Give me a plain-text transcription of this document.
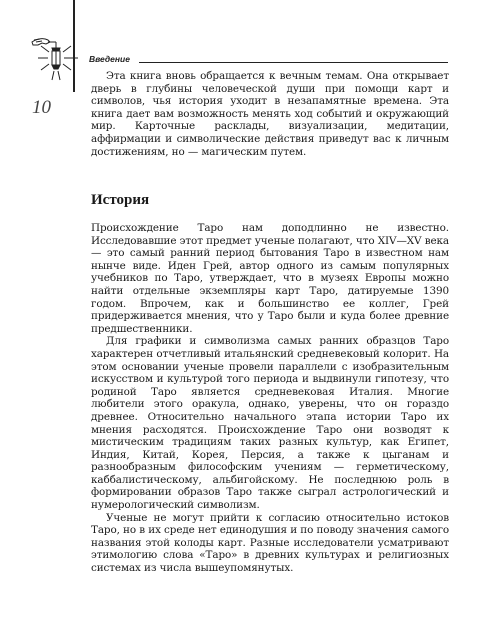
10
Введение

Эта книга вновь обращается к вечным темам. Она открывает дверь в глубины человеческой души при помощи карт и символов, чья история уходит в незапамятные времена. Эта книга дает вам возможность менять ход событий и окружающий мир. Карточные расклады, визуализации, медитации, аффирмации и символические действия приведут вас к личным достижениям, но — магическим путем.

История

Происхождение Таро нам доподлинно не известно. Исследовавшие этот предмет ученые полагают, что XIV—XV века — это самый ранний период бытования Таро в известном нам нынче виде. Иден Грей, автор одного из самым популярных учебников по Таро, утверждает, что в музеях Европы можно найти отдельные экземпляры карт Таро, датируемые 1390 годом. Впрочем, как и большинство ее коллег, Грей придерживается мнения, что у Таро были и куда более древние предшественники.

Для графики и символизма самых ранних образцов Таро характерен отчетливый итальянский средневековый колорит. На этом основании ученые провели параллели с изобразительным искусством и культурой того периода и выдвинули гипотезу, что родиной Таро является средневековая Италия. Многие любители этого оракула, однако, уверены, что он гораздо древнее. Относительно начального этапа истории Таро их мнения расходятся. Происхождение Таро они возводят к мистическим традициям таких разных культур, как Египет, Индия, Китай, Корея, Персия, а также к цыганам и разнообразным философским учениям — герметическому, каббалистическому, альбигойскому. Не последнюю роль в формировании образов Таро также сыграл астрологический и нумерологический символизм.

Ученые не могут прийти к согласию относительно истоков Таро, но в их среде нет единодушия и по поводу значения самого названия этой колоды карт. Разные исследователи усматривают этимологию слова «Таро» в древних культурах и религиозных системах из числа вышеупомянутых.
